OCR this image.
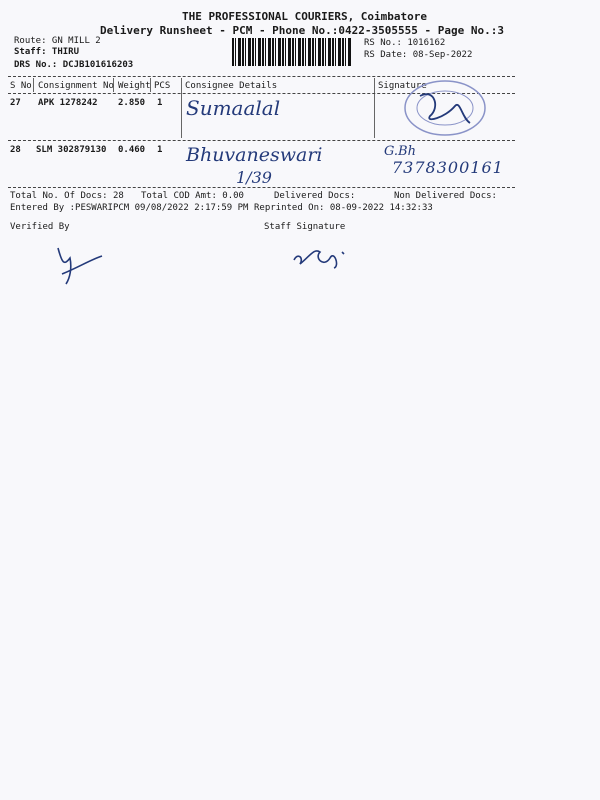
THE PROFESSIONAL COURIERS, Coimbatore
Delivery Runsheet - PCM - Phone No.:0422-3505555 - Page No.:3
Route: GN MILL 2
Staff: THIRU
DRS No.: DCJB101616203
RS No.: 1016162
RS Date: 08-Sep-2022
S No Consignment No Weight PCS Consignee Details	Signature
27 APK 1278242 2.850 1 Sumaalal
28 SLM 302879130 0.460 1 Bhuvaneswari
1/39
G.Bh
7378300161
Total No. Of Docs: 28 Total COD Amt: 0.00	Delivered Docs:	Non Delivered Docs:
Entered By :PESWARIPCM 09/08/2022 2:17:59 PM Reprinted On: 08-09-2022 14:32:33
Verified By	Staff Signature
